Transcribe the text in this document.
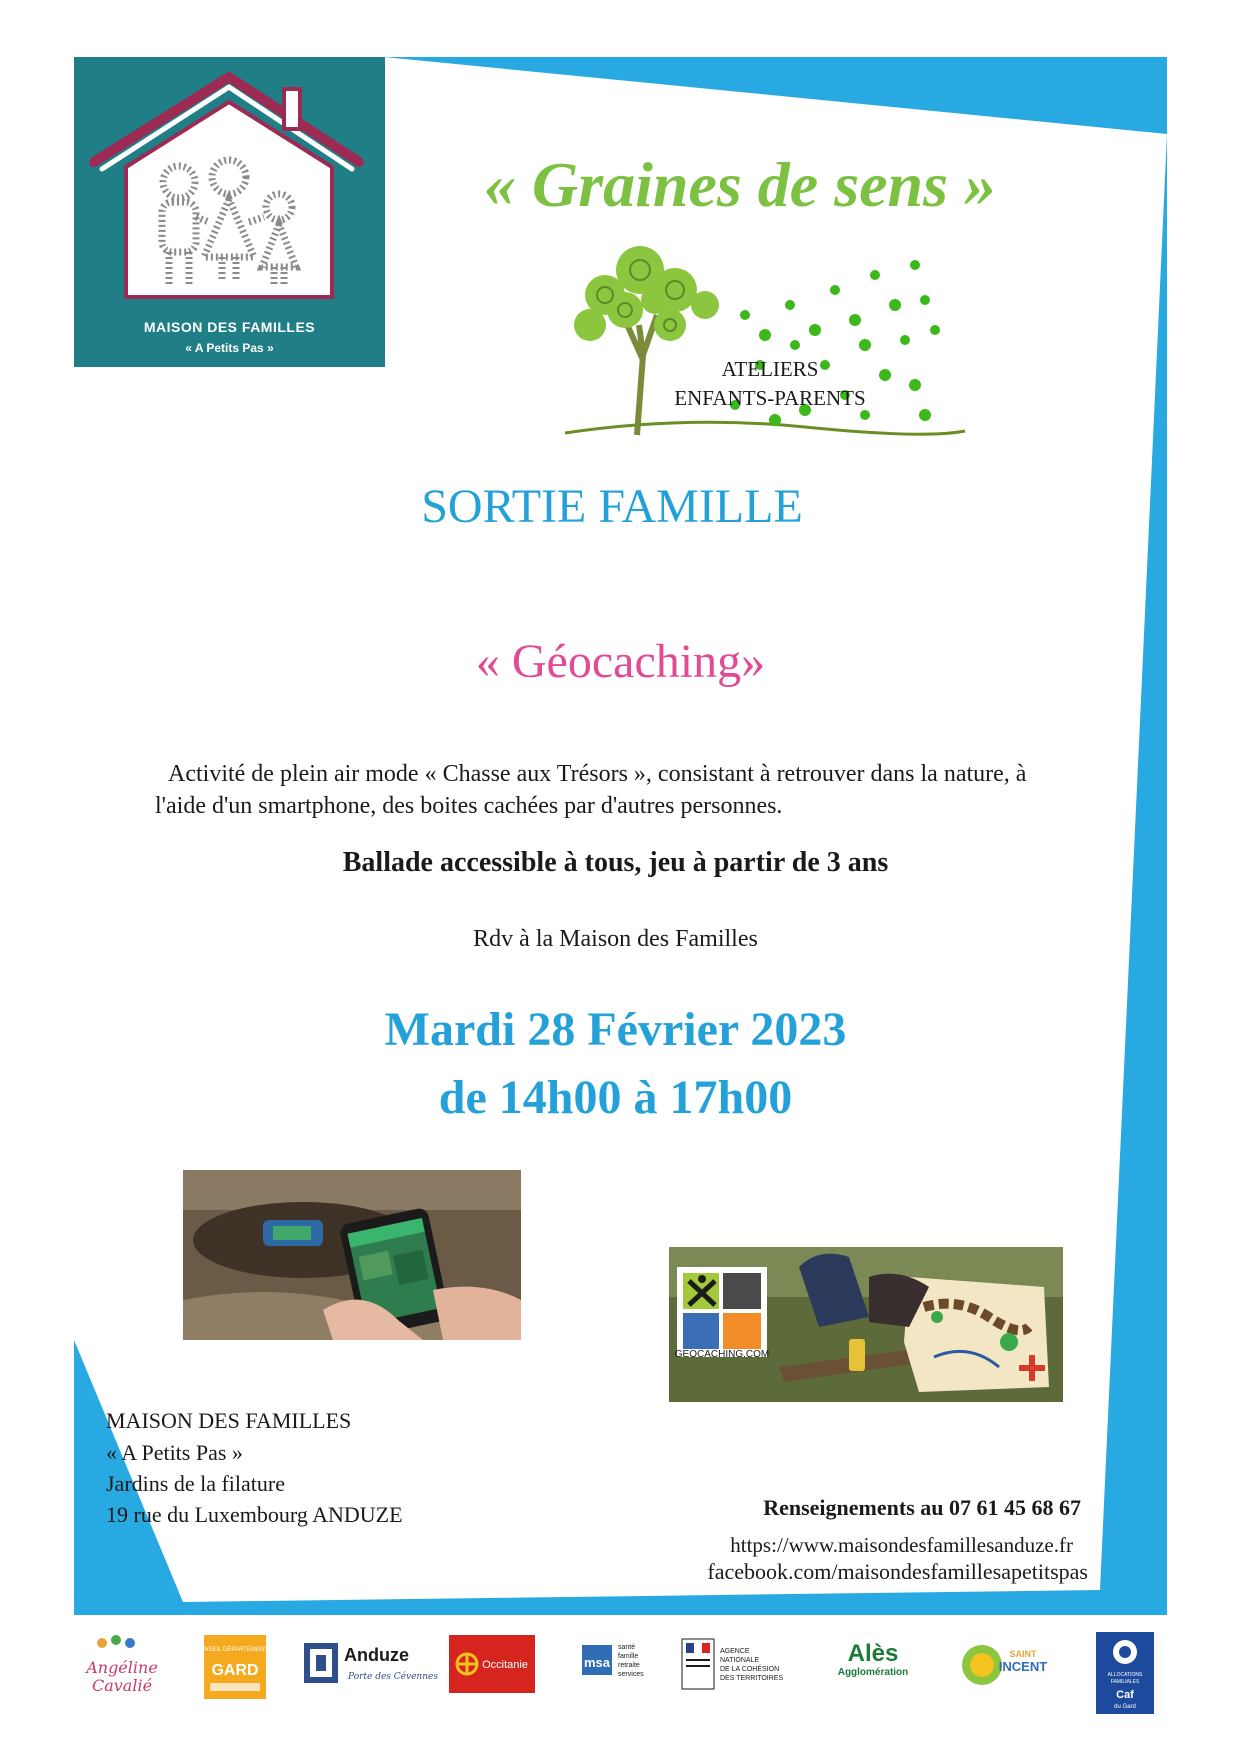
MAISON DES FAMILLES
« A Petits Pas »
« Graines de sens »
ATELIERS
ENFANTS-PARENTS
SORTIE FAMILLE
« Géocaching»
Activité de plein air mode « Chasse aux Trésors », consistant à retrouver dans la nature, à l'aide d'un smartphone, des boites cachées par d'autres personnes.
Ballade accessible à tous, jeu à partir de 3 ans
Rdv à la Maison des Familles
Mardi 28 Février 2023
de 14h00 à 17h00
GEOCACHING.COM
MAISON DES FAMILLES
« A Petits Pas »
Jardins de la filature
19 rue du Luxembourg ANDUZE	Renseignements au 07 61 45 68 67
https://www.maisondesfamillesanduze.fr
facebook.com/maisondesfamillesapetitspas
Angéline
Cavalié
CONSEIL DÉPARTEMENTAL
GARD
Anduze
Porte des Cévennes
Occitanie	msa
santé
famille
retraite
services
AGENCE
NATIONALE
DE LA COHÉSION
DES TERRITOIRES
Alès
Agglomération
SAINT
INCENT
ALLOCATIONS
FAMILIALES
Caf
du Gard
